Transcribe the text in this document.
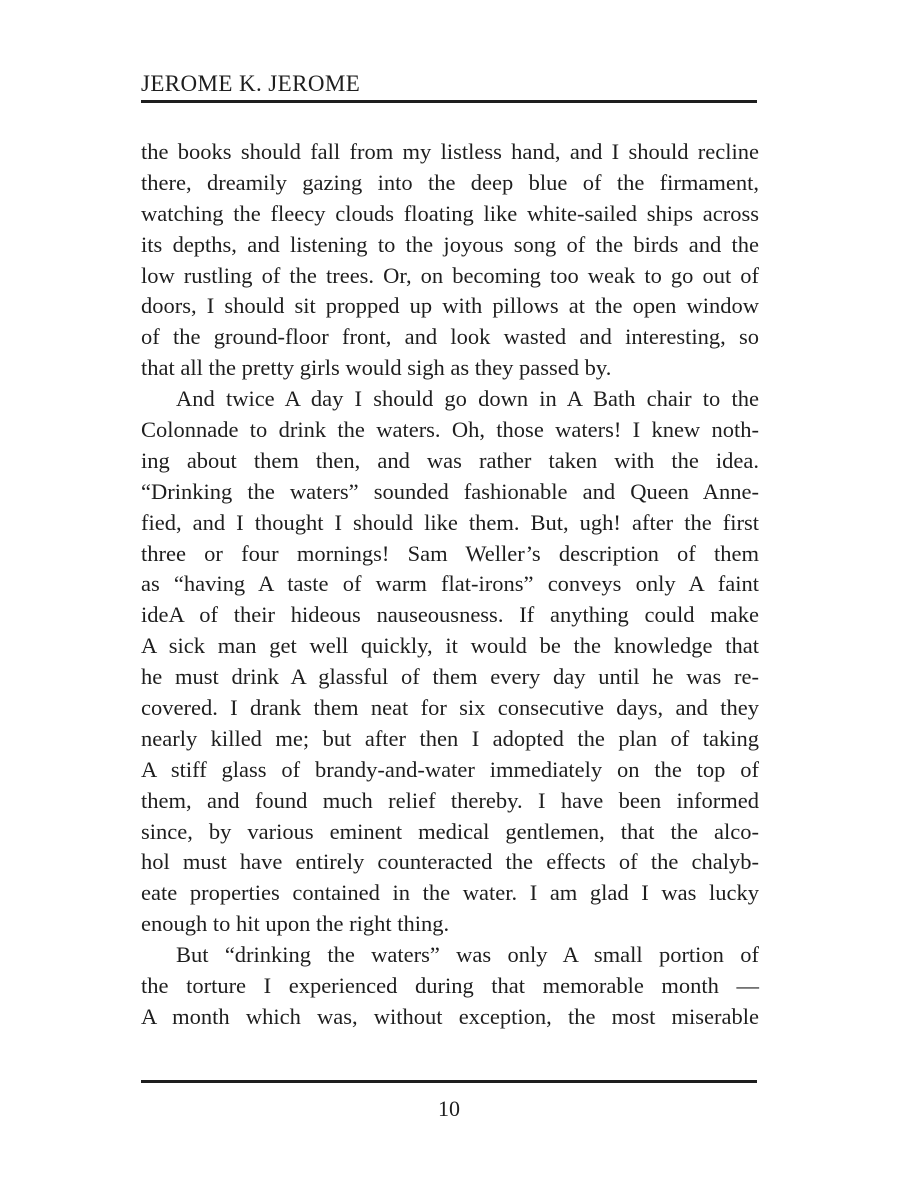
JEROME K. JEROME
the books should fall from my listless hand, and I should recline
there, dreamily gazing into the deep blue of the firmament,
watching the fleecy clouds floating like white-sailed ships across
its depths, and listening to the joyous song of the birds and the
low rustling of the trees. Or, on becoming too weak to go out of
doors, I should sit propped up with pillows at the open window
of the ground-floor front, and look wasted and interesting, so
that all the pretty girls would sigh as they passed by.
And twice A day I should go down in A Bath chair to the
Colonnade to drink the waters. Oh, those waters! I knew noth-
ing about them then, and was rather taken with the idea.
“Drinking the waters” sounded fashionable and Queen Anne-
fied, and I thought I should like them. But, ugh! after the first
three or four mornings! Sam Weller’s description of them
as “having A taste of warm flat-irons” conveys only A faint
ideA of their hideous nauseousness. If anything could make
A sick man get well quickly, it would be the knowledge that
he must drink A glassful of them every day until he was re-
covered. I drank them neat for six consecutive days, and they
nearly killed me; but after then I adopted the plan of taking
A stiff glass of brandy-and-water immediately on the top of
them, and found much relief thereby. I have been informed
since, by various eminent medical gentlemen, that the alco-
hol must have entirely counteracted the effects of the chalyb-
eate properties contained in the water. I am glad I was lucky
enough to hit upon the right thing.
But “drinking the waters” was only A small portion of
the torture I experienced during that memorable month —
A month which was, without exception, the most miserable
10
